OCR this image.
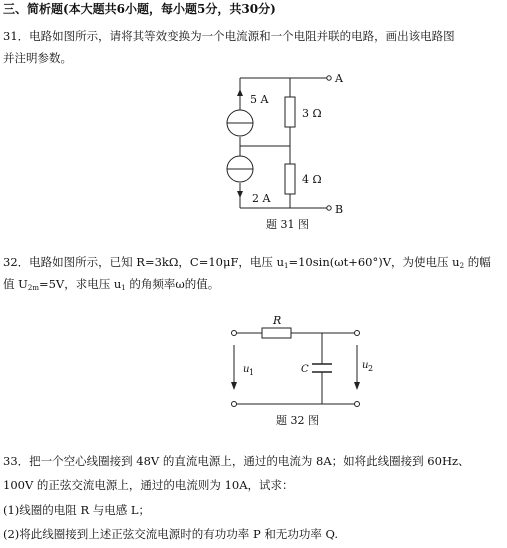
三、简析题(本大题共6小题，每小题5分，共30分)
31．电路如图所示，请将其等效变换为一个电流源和一个电阻并联的电路，画出该电路图
并注明参数。
5 A
2 A
3 Ω
4 Ω
A
B
题 31 图
R
C
u 1
u 2
题 32 图
32．电路如图所示，已知 R=3kΩ，C=10μF，电压 $u_1=10\sin(\omega t+60^\circ)V$，为使电压 $u_2$ 的幅
值 $U_{2m}=5V$，求电压 $u_1$ 的角频率ω的值。
33．把一个空心线圈接到 48V 的直流电源上，通过的电流为 8A；如将此线圈接到 60Hz、
100V 的正弦交流电源上，通过的电流则为 10A，试求：
(1)线圈的电阻 R 与电感 L；
(2)将此线圈接到上述正弦交流电源时的有功功率 P 和无功功率 Q.
